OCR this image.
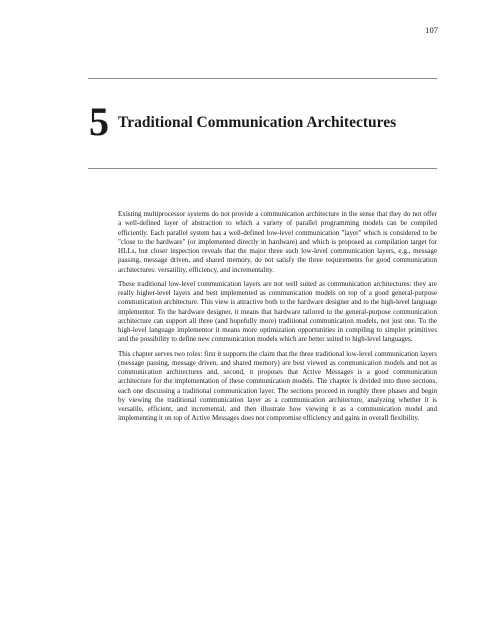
107
5 Traditional Communication Architectures

Existing multiprocessor systems do not provide a communication architecture in the sense that they do not offer a well-defined layer of abstraction to which a variety of parallel programming models can be compiled efficiently. Each parallel system has a well-defined low-level communication "layer" which is considered to be "close to the hardware" (or implemented directly in hardware) and which is proposed as compilation target for HLLs, but closer inspection reveals that the major three such low-level communication layers, e.g., message passing, message driven, and shared memory, do not satisfy the three requirements for good communication architectures: versatility, efficiency, and incrementality.

These traditional low-level communication layers are not well suited as communication architectures: they are really higher-level layers and best implemented as communication models on top of a good general-purpose communication architecture. This view is attractive both to the hardware designer and to the high-level language implementor. To the hardware designer, it means that hardware tailored to the general-purpose communication architecture can support all three (and hopefully more) traditional communication models, not just one. To the high-level language implementor it means more optimization opportunities in compiling to simpler primitives and the possibility to define new communication models which are better suited to high-level languages.

This chapter serves two roles: first it supports the claim that the three traditional low-level communication layers (message passing, message driven, and shared memory) are best viewed as communication models and not as communication architectures and, second, it proposes that Active Messages is a good communication architecture for the implementation of these communication models. The chapter is divided into three sections, each one discussing a traditional communication layer. The sections proceed in roughly three phases and begin by viewing the traditional communication layer as a communication architecture, analyzing whether it is versatile, efficient, and incremental, and then illustrate how viewing it as a communication model and implementing it on top of Active Messages does not compromise efficiency and gains in overall flexibility.
